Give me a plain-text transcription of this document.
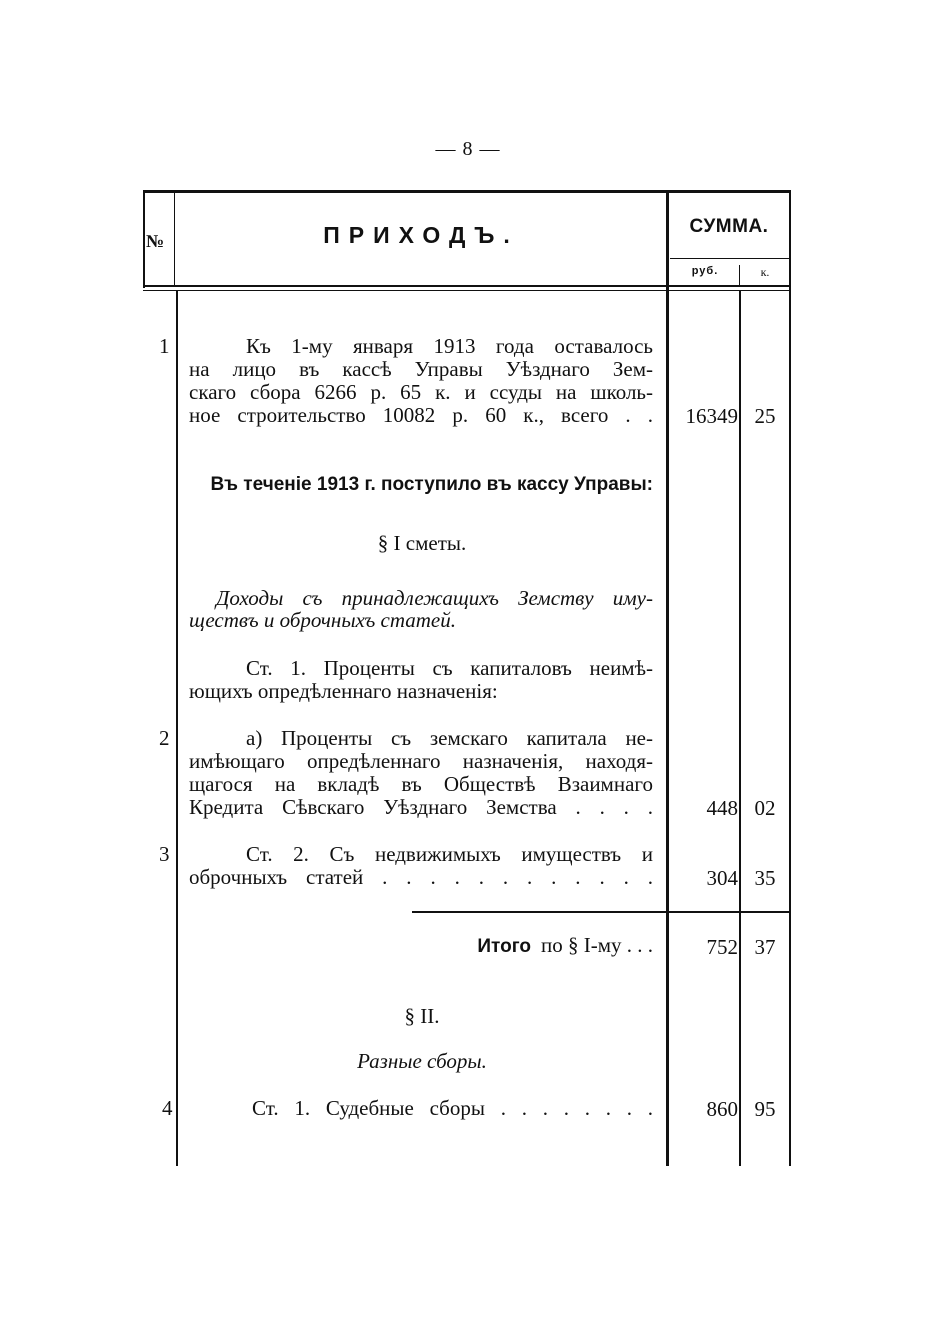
— 8 —
№	ПРИХОДЪ.	СУММА.
руб.	к.
1	Къ 1-му января 1913 года оставалось
на лицо въ кассѣ Управы Уѣзднаго Зем-
скаго сбора 6266 р. 65 к. и ссуды на школь-
ное строительство 10082 р. 60 к., всего . .	16349 25
Въ теченіе 1913 г. поступило въ кассу Управы:
§ I сметы.
Доходы съ принадлежащихъ Земству иму-
ществъ и оброчныхъ статей.
Ст. 1. Проценты съ капиталовъ неимѣ-
ющихъ опредѣленнаго назначенія:
2	а) Проценты съ земскаго капитала не-
имѣющаго опредѣленнаго назначенія, находя-
щагося на вкладѣ въ Обществѣ Взаимнаго
Кредита Сѣвскаго Уѣзднаго Земства . . . .	448 02
3	Ст. 2. Съ недвижимыхъ имуществъ и
оброчныхъ статей . . . . . . . . . . . .	304 35
Итого по § I-му . . .	752 37
§ II.
Разные сборы.
4	Ст. 1. Судебные сборы . . . . . . . .	860 95
